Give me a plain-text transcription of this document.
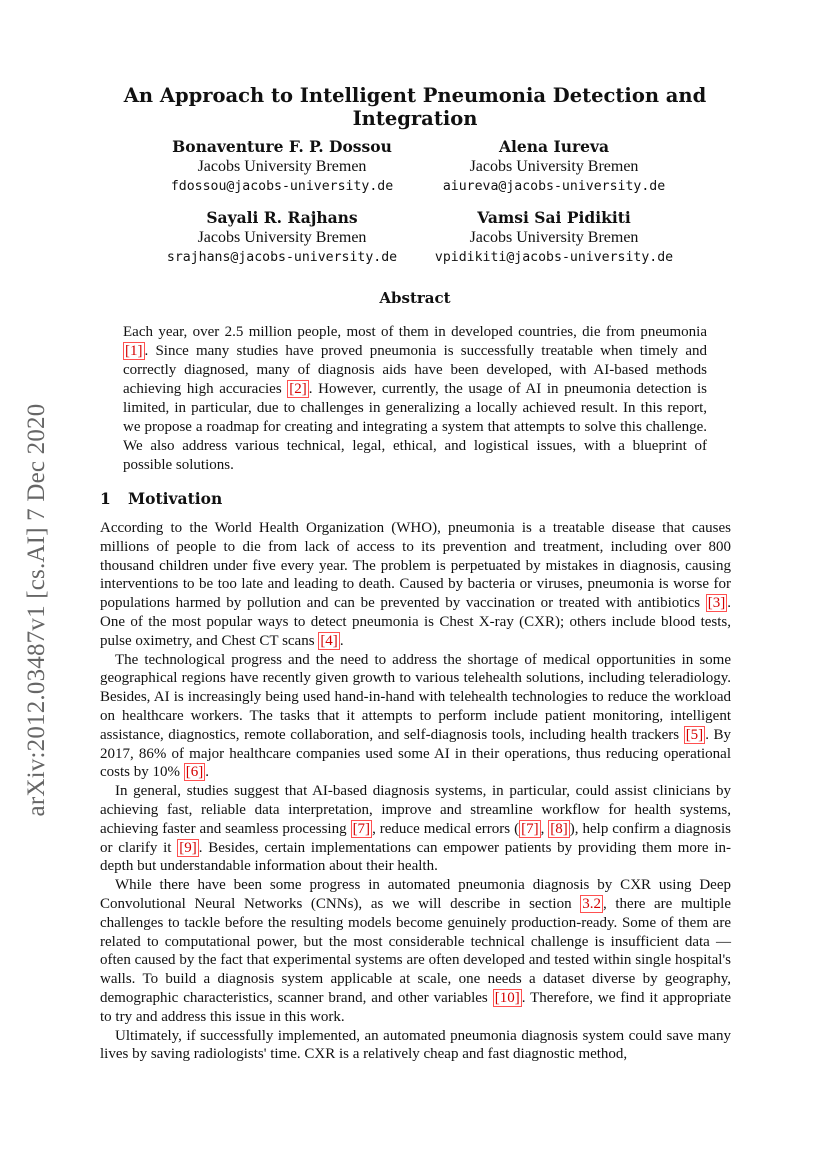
arXiv:2012.03487v1 [cs.AI] 7 Dec 2020
An Approach to Intelligent Pneumonia Detection and Integration
Bonaventure F. P. Dossou
Jacobs University Bremen
fdossou@jacobs-university.de
Alena Iureva
Jacobs University Bremen
aiureva@jacobs-university.de
Sayali R. Rajhans
Jacobs University Bremen
srajhans@jacobs-university.de
Vamsi Sai Pidikiti
Jacobs University Bremen
vpidikiti@jacobs-university.de
Abstract
Each year, over 2.5 million people, most of them in developed countries, die from pneumonia [1] . Since many studies have proved pneumonia is successfully treatable when timely and correctly diagnosed, many of diagnosis aids have been developed, with AI-based methods achieving high accuracies [2] . However, currently, the usage of AI in pneumonia detection is limited, in particular, due to challenges in generalizing a locally achieved result. In this report, we propose a roadmap for creating and integrating a system that attempts to solve this challenge. We also address various technical, legal, ethical, and logistical issues, with a blueprint of possible solutions.
1 Motivation

According to the World Health Organization (WHO), pneumonia is a treatable disease that causes millions of people to die from lack of access to its prevention and treatment, including over 800 thousand children under five every year. The problem is perpetuated by mistakes in diagnosis, causing interventions to be too late and leading to death. Caused by bacteria or viruses, pneumonia is worse for populations harmed by pollution and can be prevented by vaccination or treated with antibiotics [3] . One of the most popular ways to detect pneumonia is Chest X-ray (CXR); others include blood tests, pulse oximetry, and Chest CT scans [4] .

The technological progress and the need to address the shortage of medical opportunities in some geographical regions have recently given growth to various telehealth solutions, including teleradiology. Besides, AI is increasingly being used hand-in-hand with telehealth technologies to reduce the workload on healthcare workers. The tasks that it attempts to perform include patient monitoring, intelligent assistance, diagnostics, remote collaboration, and self-diagnosis tools, including health trackers [5] . By 2017, 86% of major healthcare companies used some AI in their operations, thus reducing operational costs by 10% [6] .

In general, studies suggest that AI-based diagnosis systems, in particular, could assist clinicians by achieving fast, reliable data interpretation, improve and streamline workflow for health systems, achieving faster and seamless processing [7] , reduce medical errors ( [7] , [8] ), help confirm a diagnosis or clarify it [9] . Besides, certain implementations can empower patients by providing them more in-depth but understandable information about their health.

While there have been some progress in automated pneumonia diagnosis by CXR using Deep Convolutional Neural Networks (CNNs), as we will describe in section 3.2 , there are multiple challenges to tackle before the resulting models become genuinely production-ready. Some of them are related to computational power, but the most considerable technical challenge is insufficient data — often caused by the fact that experimental systems are often developed and tested within single hospital's walls. To build a diagnosis system applicable at scale, one needs a dataset diverse by geography, demographic characteristics, scanner brand, and other variables [10] . Therefore, we find it appropriate to try and address this issue in this work.

Ultimately, if successfully implemented, an automated pneumonia diagnosis system could save many lives by saving radiologists' time. CXR is a relatively cheap and fast diagnostic method,
